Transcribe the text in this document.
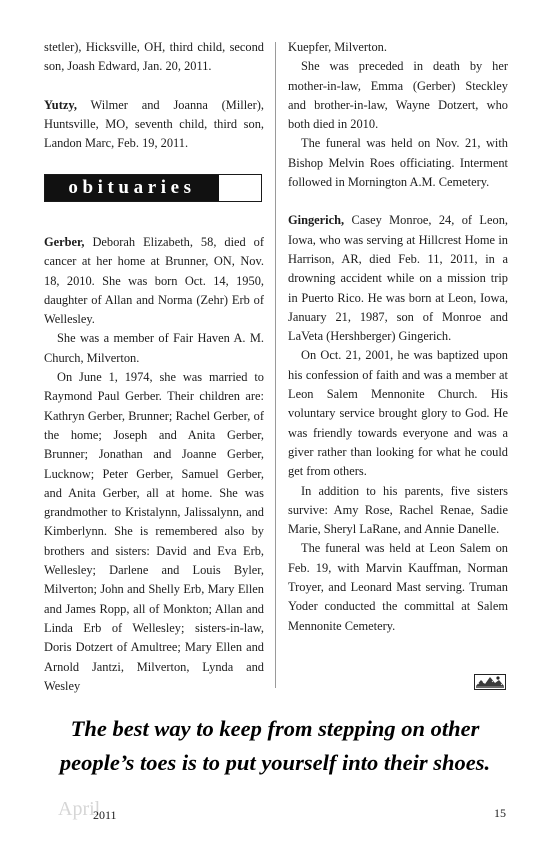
stetler), Hicksville, OH, third child, second son, Joash Edward, Jan. 20, 2011.

Yutzy, Wilmer and Joanna (Miller), Huntsville, MO, seventh child, third son, Landon Marc, Feb. 19, 2011.

obituaries

Gerber, Deborah Elizabeth, 58, died of cancer at her home at Brunner, ON, Nov. 18, 2010. She was born Oct. 14, 1950, daughter of Allan and Norma (Zehr) Erb of Wellesley.

She was a member of Fair Haven A. M. Church, Milverton.

On June 1, 1974, she was married to Raymond Paul Gerber. Their children are: Kathryn Gerber, Brunner; Rachel Gerber, of the home; Joseph and Anita Gerber, Brunner; Jonathan and Joanne Gerber, Lucknow; Peter Gerber, Samuel Gerber, and Anita Gerber, all at home. She was grandmother to Kristalynn, Jalissalynn, and Kimberlynn. She is remembered also by brothers and sisters: David and Eva Erb, Wellesley; Darlene and Louis Byler, Milverton; John and Shelly Erb, Mary Ellen and James Ropp, all of Monkton; Allan and Linda Erb of Wellesley; sisters-in-law, Doris Dotzert of Amultree; Mary Ellen and Arnold Jantzi, Milverton, Lynda and Wesley

Kuepfer, Milverton.

She was preceded in death by her mother-in-law, Emma (Gerber) Steckley and brother-in-law, Wayne Dotzert, who both died in 2010.

The funeral was held on Nov. 21, with Bishop Melvin Roes officiating. Interment followed in Mornington A.M. Cemetery.

Gingerich, Casey Monroe, 24, of Leon, Iowa, who was serving at Hillcrest Home in Harrison, AR, died Feb. 11, 2011, in a drowning accident while on a mission trip in Puerto Rico. He was born at Leon, Iowa, January 21, 1987, son of Monroe and LaVeta (Hershberger) Gingerich.

On Oct. 21, 2001, he was baptized upon his confession of faith and was a member at Leon Salem Mennonite Church. His voluntary service brought glory to God. He was friendly towards everyone and was a giver rather than looking for what he could get from others.

In addition to his parents, five sisters survive: Amy Rose, Rachel Renae, Sadie Marie, Sheryl LaRane, and Annie Danelle.

The funeral was held at Leon Salem on Feb. 19, with Marvin Kauffman, Norman Troyer, and Leonard Mast serving. Truman Yoder conducted the committal at Salem Mennonite Cemetery.

The best way to keep from stepping on other
people’s toes is to put yourself into their shoes.
April
2011	15
